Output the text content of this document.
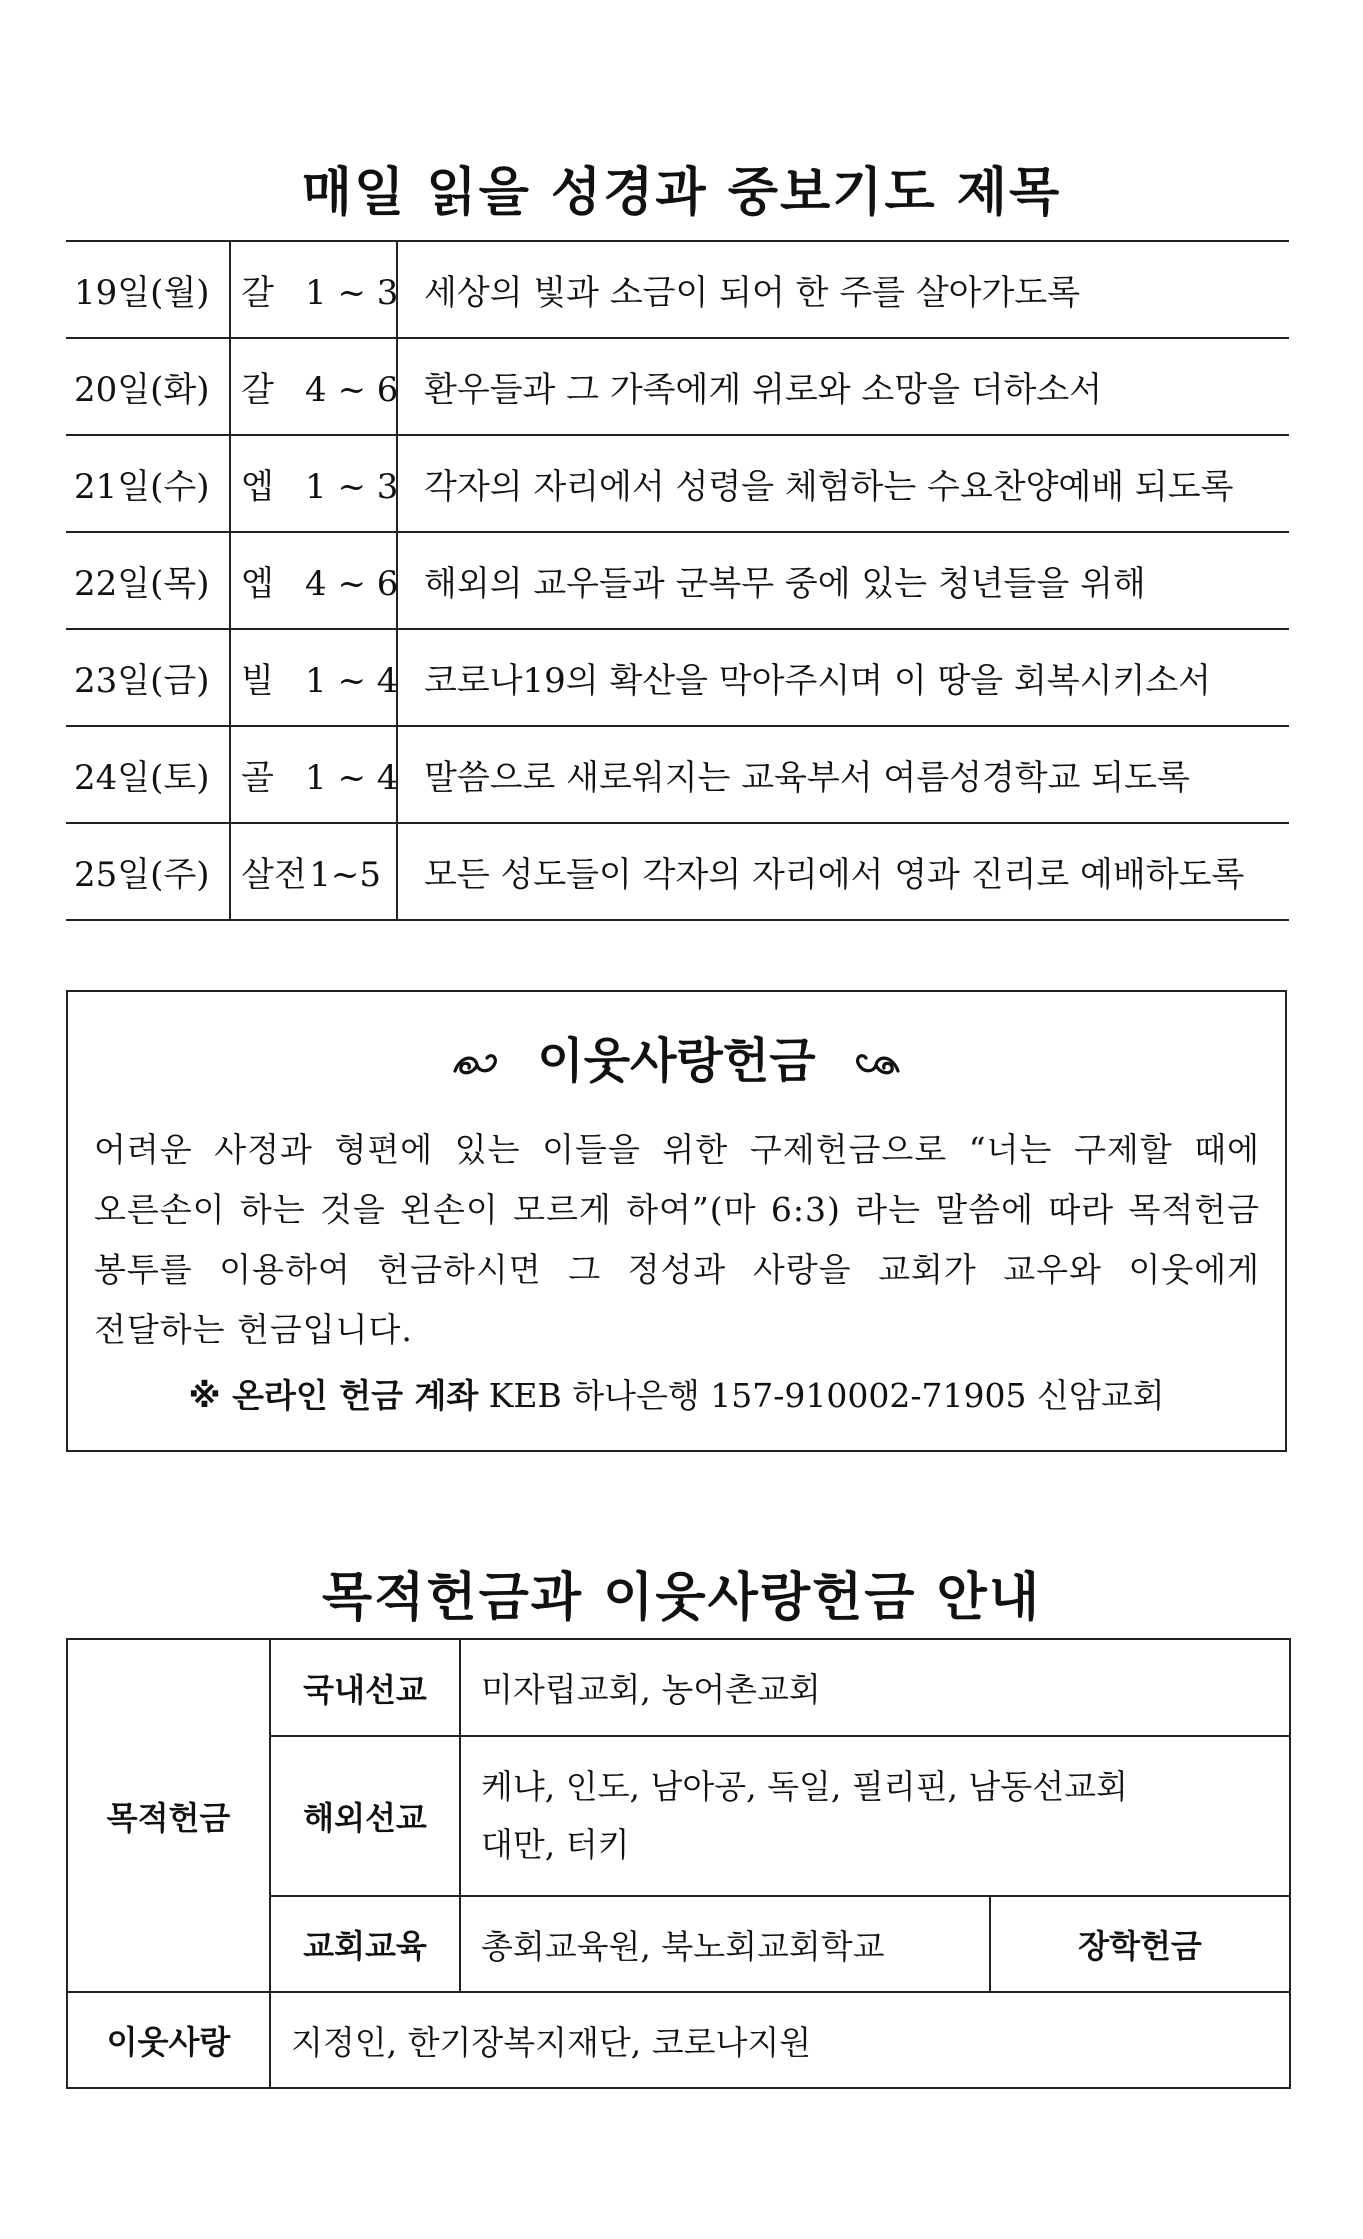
매일 읽을 성경과 중보기도 제목
19일(월)	갈 1 ~ 3	세상의 빛과 소금이 되어 한 주를 살아가도록
20일(화)	갈 4 ~ 6	환우들과 그 가족에게 위로와 소망을 더하소서
21일(수)	엡 1 ~ 3	각자의 자리에서 성령을 체험하는 수요찬양예배 되도록
22일(목)	엡 4 ~ 6	해외의 교우들과 군복무 중에 있는 청년들을 위해
23일(금)	빌 1 ~ 4	코로나19의 확산을 막아주시며 이 땅을 회복시키소서
24일(토)	골 1 ~ 4	말씀으로 새로워지는 교육부서 여름성경학교 되도록
25일(주)	살전1~5	모든 성도들이 각자의 자리에서 영과 진리로 예배하도록
이웃사랑헌금
어려운 사정과 형편에 있는 이들을 위한 구제헌금으로 “너는 구제할 때에
오른손이 하는 것을 왼손이 모르게 하여”(마 6:3) 라는 말씀에 따라 목적헌금
봉투를 이용하여 헌금하시면 그 정성과 사랑을 교회가 교우와 이웃에게
전달하는 헌금입니다.
※ 온라인 헌금 계좌 KEB 하나은행 157-910002-71905 신암교회
목적헌금과 이웃사랑헌금 안내
목적헌금	국내선교	미자립교회, 농어촌교회	
	해외선교	케냐, 인도, 남아공, 독일, 필리핀, 남동선교회
대만, 터키	

	교회교육	총회교육원, 북노회교회학교	장학헌금
이웃사랑	지정인, 한기장복지재단, 코로나지원		
